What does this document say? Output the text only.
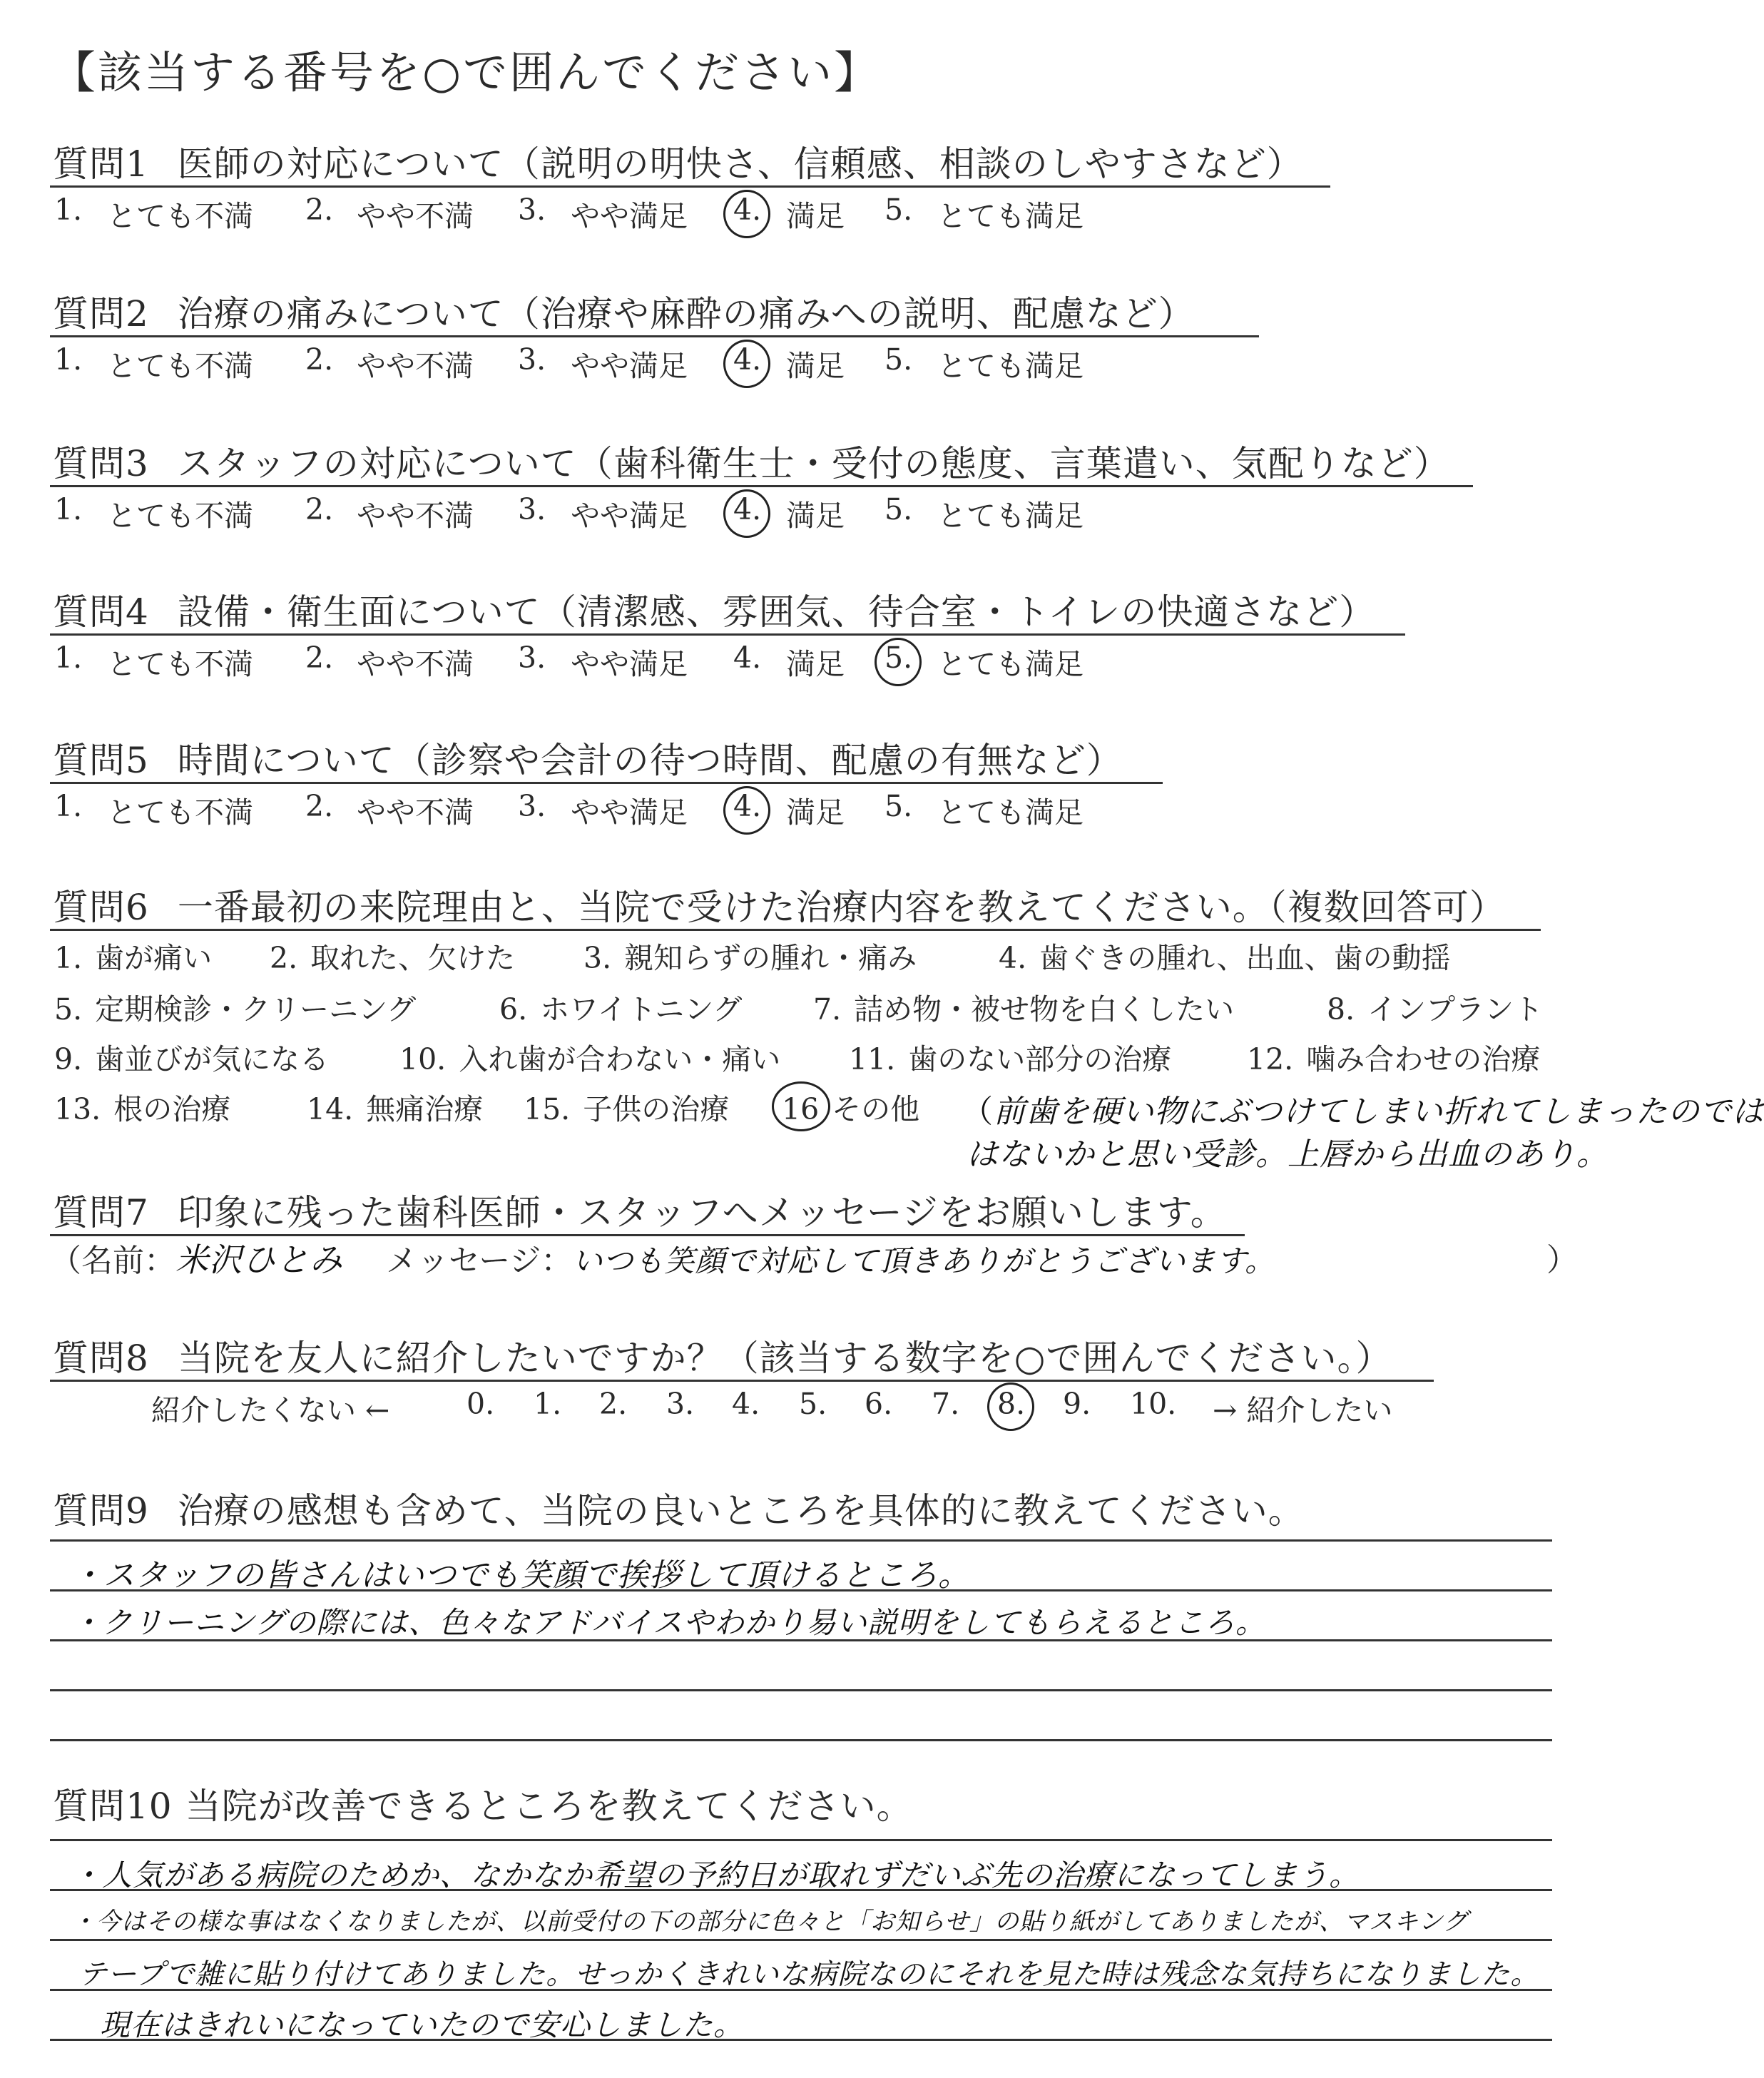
【該当する番号を○で囲んでください】
質問1 医師の対応について（説明の明快さ、信頼感、相談のしやすさなど）
1. とても不満 2. やや不満 3. やや満足 4. 満足 5. とても満足
質問2 治療の痛みについて（治療や麻酔の痛みへの説明、配慮など）
1. とても不満 2. やや不満 3. やや満足 4. 満足 5. とても満足
質問3 スタッフの対応について（歯科衛生士・受付の態度、言葉遣い、気配りなど）
1. とても不満 2. やや不満 3. やや満足 4. 満足 5. とても満足
質問4 設備・衛生面について（清潔感、雰囲気、待合室・トイレの快適さなど）
1. とても不満 2. やや不満 3. やや満足 4. 満足 5. とても満足
質問5 時間について（診察や会計の待つ時間、配慮の有無など）
1. とても不満 2. やや不満 3. やや満足 4. 満足 5. とても満足
質問6 一番最初の来院理由と、当院で受けた治療内容を教えてください。（複数回答可）
1. 歯が痛い 2. 取れた、欠けた 3. 親知らずの腫れ・痛み	4. 歯ぐきの腫れ、出血、歯の動揺
5. 定期検診・クリーニング	6. ホワイトニング 7. 詰め物・被せ物を白くしたい	8. インプラント
9. 歯並びが気になる 10. 入れ歯が合わない・痛い 11. 歯のない部分の治療	12. 噛み合わせの治療
13. 根の治療	14. 無痛治療 15. 子供の治療 16 その他 （前歯を硬い物にぶつけてしまい折れてしまったのでは
はないかと思い受診。上唇から出血のあり。
質問7 印象に残った歯科医師・スタッフへメッセージをお願いします。
（名前：米沢ひとみ メッセージ：いつも笑顔で対応して頂きありがとうございます。	）
質問8 当院を友人に紹介したいですか？（該当する数字を○で囲んでください。）
紹介したくない ←	0. 1. 2. 3. 4. 5. 6. 7. 8. 9. 10. → 紹介したい
質問9 治療の感想も含めて、当院の良いところを具体的に教えてください。
・スタッフの皆さんはいつでも笑顔で挨拶して頂けるところ。
・クリーニングの際には、色々なアドバイスやわかり易い説明をしてもらえるところ。
質問10 当院が改善できるところを教えてください。
・人気がある病院のためか、なかなか希望の予約日が取れずだいぶ先の治療になってしまう。
・今はその様な事はなくなりましたが、以前受付の下の部分に色々と「お知らせ」の貼り紙がしてありましたが、マスキング
テープで雑に貼り付けてありました。せっかくきれいな病院なのにそれを見た時は残念な気持ちになりました。
現在はきれいになっていたので安心しました。
